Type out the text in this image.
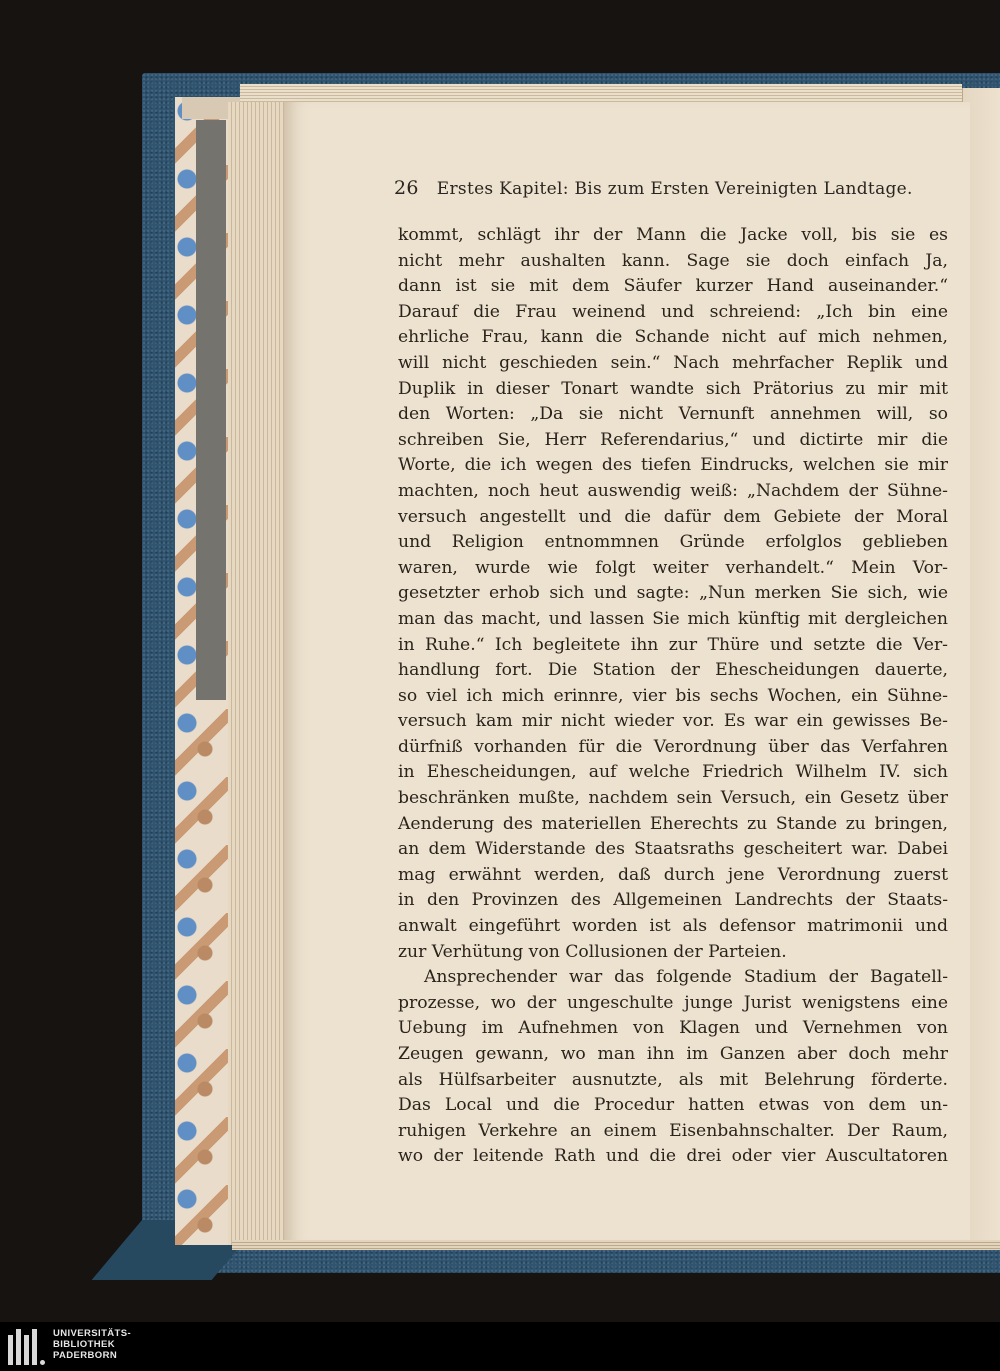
26 Erstes Kapitel: Bis zum Ersten Vereinigten Landtage.
kommt, schlägt ihr der Mann die Jacke voll, bis sie es
nicht mehr aushalten kann. Sage sie doch einfach Ja,
dann ist sie mit dem Säufer kurzer Hand auseinander.“
Darauf die Frau weinend und schreiend: „Ich bin eine
ehrliche Frau, kann die Schande nicht auf mich nehmen,
will nicht geschieden sein.“ Nach mehrfacher Replik und
Duplik in dieser Tonart wandte sich Prätorius zu mir mit
den Worten: „Da sie nicht Vernunft annehmen will, so
schreiben Sie, Herr Referendarius,“ und dictirte mir die
Worte, die ich wegen des tiefen Eindrucks, welchen sie mir
machten, noch heut auswendig weiß: „Nachdem der Sühne-
versuch angestellt und die dafür dem Gebiete der Moral
und Religion entnommnen Gründe erfolglos geblieben
waren, wurde wie folgt weiter verhandelt.“ Mein Vor-
gesetzter erhob sich und sagte: „Nun merken Sie sich, wie
man das macht, und lassen Sie mich künftig mit dergleichen
in Ruhe.“ Ich begleitete ihn zur Thüre und setzte die Ver-
handlung fort. Die Station der Ehescheidungen dauerte,
so viel ich mich erinnre, vier bis sechs Wochen, ein Sühne-
versuch kam mir nicht wieder vor. Es war ein gewisses Be-
dürfniß vorhanden für die Verordnung über das Verfahren
in Ehescheidungen, auf welche Friedrich Wilhelm IV. sich
beschränken mußte, nachdem sein Versuch, ein Gesetz über
Aenderung des materiellen Eherechts zu Stande zu bringen,
an dem Widerstande des Staatsraths gescheitert war. Dabei
mag erwähnt werden, daß durch jene Verordnung zuerst
in den Provinzen des Allgemeinen Landrechts der Staats-
anwalt eingeführt worden ist als defensor matrimonii und
zur Verhütung von Collusionen der Parteien.
Ansprechender war das folgende Stadium der Bagatell-
prozesse, wo der ungeschulte junge Jurist wenigstens eine
Uebung im Aufnehmen von Klagen und Vernehmen von
Zeugen gewann, wo man ihn im Ganzen aber doch mehr
als Hülfsarbeiter ausnutzte, als mit Belehrung förderte.
Das Local und die Procedur hatten etwas von dem un-
ruhigen Verkehre an einem Eisenbahnschalter. Der Raum,
wo der leitende Rath und die drei oder vier Auscultatoren
UNIVERSITÄTS-
BIBLIOTHEK
PADERBORN
